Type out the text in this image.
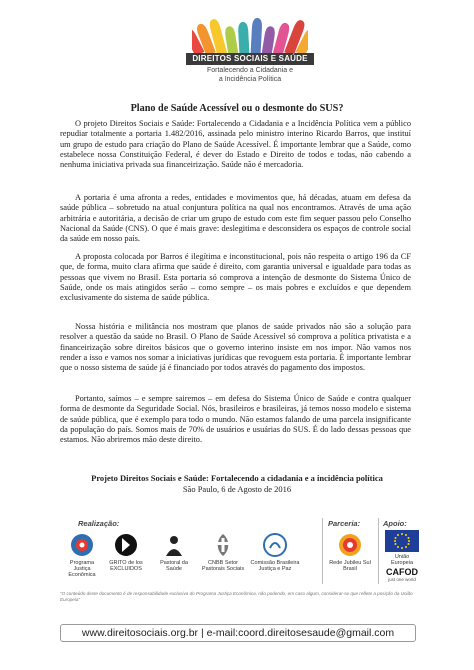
DIREITOS SOCIAIS E SAÚDE
Fortalecendo a Cidadania e
a Incidência Política
Plano de Saúde Acessível ou o desmonte do SUS?

O projeto Direitos Sociais e Saúde: Fortalecendo a Cidadania e a Incidência Política vem a público repudiar totalmente a portaria 1.482/2016, assinada pelo ministro interino Ricardo Barros, que instituí um grupo de estudo para criação do Plano de Saúde Acessível. É importante lembrar que a Saúde, como estabelece nossa Constituição Federal, é dever do Estado e Direito de todos e todas, não cabendo a nenhuma iniciativa privada sua financeirização. Saúde não é mercadoria.

A portaria é uma afronta a redes, entidades e movimentos que, há décadas, atuam em defesa da saúde pública – sobretudo na atual conjuntura política na qual nos encontramos. Através de uma ação arbitrária e autoritária, a decisão de criar um grupo de estudo com este fim sequer passou pelo Conselho Nacional da Saúde (CNS). O que é mais grave: deslegitima e desconsidera os espaços de controle social da saúde em nosso país.

A proposta colocada por Barros é ilegítima e inconstitucional, pois não respeita o artigo 196 da CF que, de forma, muito clara afirma que saúde é direito, com garantia universal e igualdade para todas as pessoas que vivem no Brasil. Esta portaria só comprova a intenção de desmonte do Sistema Único de Saúde, onde os mais atingidos serão – como sempre – os mais pobres e excluídos e que dependem exclusivamente do sistema de saúde pública.

Nossa história e militância nos mostram que planos de saúde privados não são a solução para resolver a questão da saúde no Brasil. O Plano de Saúde Acessível só comprova a política privatista e a financeirização sobre direitos básicos que o governo interino insiste em nos impor. Não vamos nos render a isso e vamos nos somar a iniciativas jurídicas que revoguem esta portaria. É importante lembrar que o nosso sistema de saúde já é financiado por todos através do pagamento dos impostos.

Portanto, saímos – e sempre sairemos – em defesa do Sistema Único de Saúde e contra qualquer forma de desmonte da Seguridade Social. Nós, brasileiros e brasileiras, já temos nosso modelo e sistema de saúde pública, que é exemplo para todo o mundo. Não estamos falando de uma parcela insignificante da população do país. Somos mais de 70% de usuários e usuárias do SUS. É do lado dessas pessoas que estamos. Não abriremos mão deste direito.

Projeto Direitos Sociais e Saúde: Fortalecendo a cidadania e a incidência política
São Paulo, 6 de Agosto de 2016
Realização:	Parceria:	Apoio:
Programa Justiça Econômica
GRITO de los EXCLUIDOS
Pastoral da Saúde
CNBB Setor Pastorais Sociais
Comissão Brasileira Justiça e Paz
Rede Jubileu Sul Brasil
União Europeia
CAFOD
just one world
"O conteúdo deste documento é de responsabilidade exclusiva do Programa Justiça Econômica, não podendo, em caso algum, considerar-se que reflete a posição da União Europeia"
www.direitosociais.org.br | e-mail:coord.direitosesaude@gmail.com
